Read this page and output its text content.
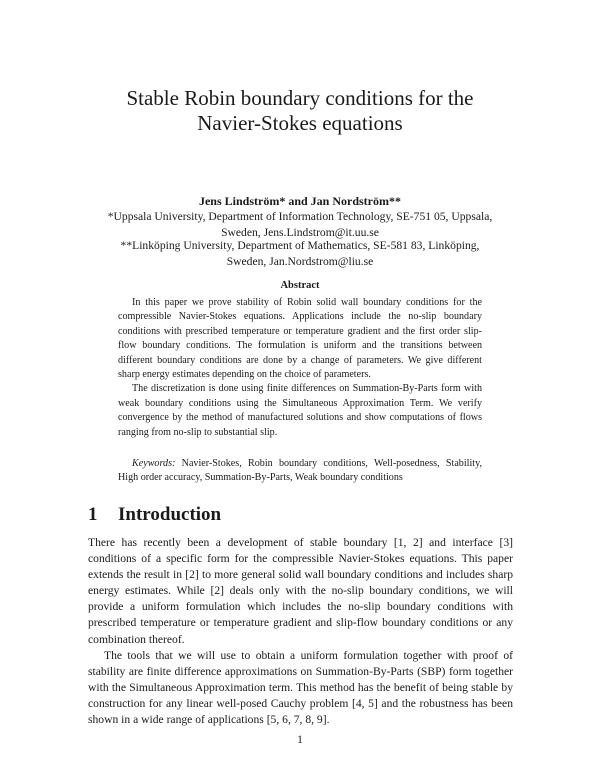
Stable Robin boundary conditions for the
Navier-Stokes equations
Jens Lindström* and Jan Nordström**
*Uppsala University, Department of Information Technology, SE-751 05, Uppsala,
Sweden, Jens.Lindstrom@it.uu.se
**Linköping University, Department of Mathematics, SE-581 83, Linköping,
Sweden, Jan.Nordstrom@liu.se
Abstract

In this paper we prove stability of Robin solid wall boundary conditions for the compressible Navier-Stokes equations. Applications include the no-slip boundary conditions with prescribed temperature or temperature gradient and the first order slip-flow boundary conditions. The formulation is uniform and the transitions between different boundary conditions are done by a change of parameters. We give different sharp energy estimates depending on the choice of parameters.

The discretization is done using finite differences on Summation-By-Parts form with weak boundary conditions using the Simultaneous Approximation Term. We verify convergence by the method of manufactured solutions and show computations of flows ranging from no-slip to substantial slip.

Keywords: Navier-Stokes, Robin boundary conditions, Well-posedness, Stability, High order accuracy, Summation-By-Parts, Weak boundary conditions
1 Introduction

There has recently been a development of stable boundary [1, 2] and interface [3] conditions of a specific form for the compressible Navier-Stokes equations. This paper extends the result in [2] to more general solid wall boundary conditions and includes sharp energy estimates. While [2] deals only with the no-slip boundary conditions, we will provide a uniform formulation which includes the no-slip boundary conditions with prescribed temperature or temperature gradient and slip-flow boundary conditions or any combination thereof.

The tools that we will use to obtain a uniform formulation together with proof of stability are finite difference approximations on Summation-By-Parts (SBP) form together with the Simultaneous Approximation term. This method has the benefit of being stable by construction for any linear well-posed Cauchy problem [4, 5] and the robustness has been shown in a wide range of applications [5, 6, 7, 8, 9].

1
